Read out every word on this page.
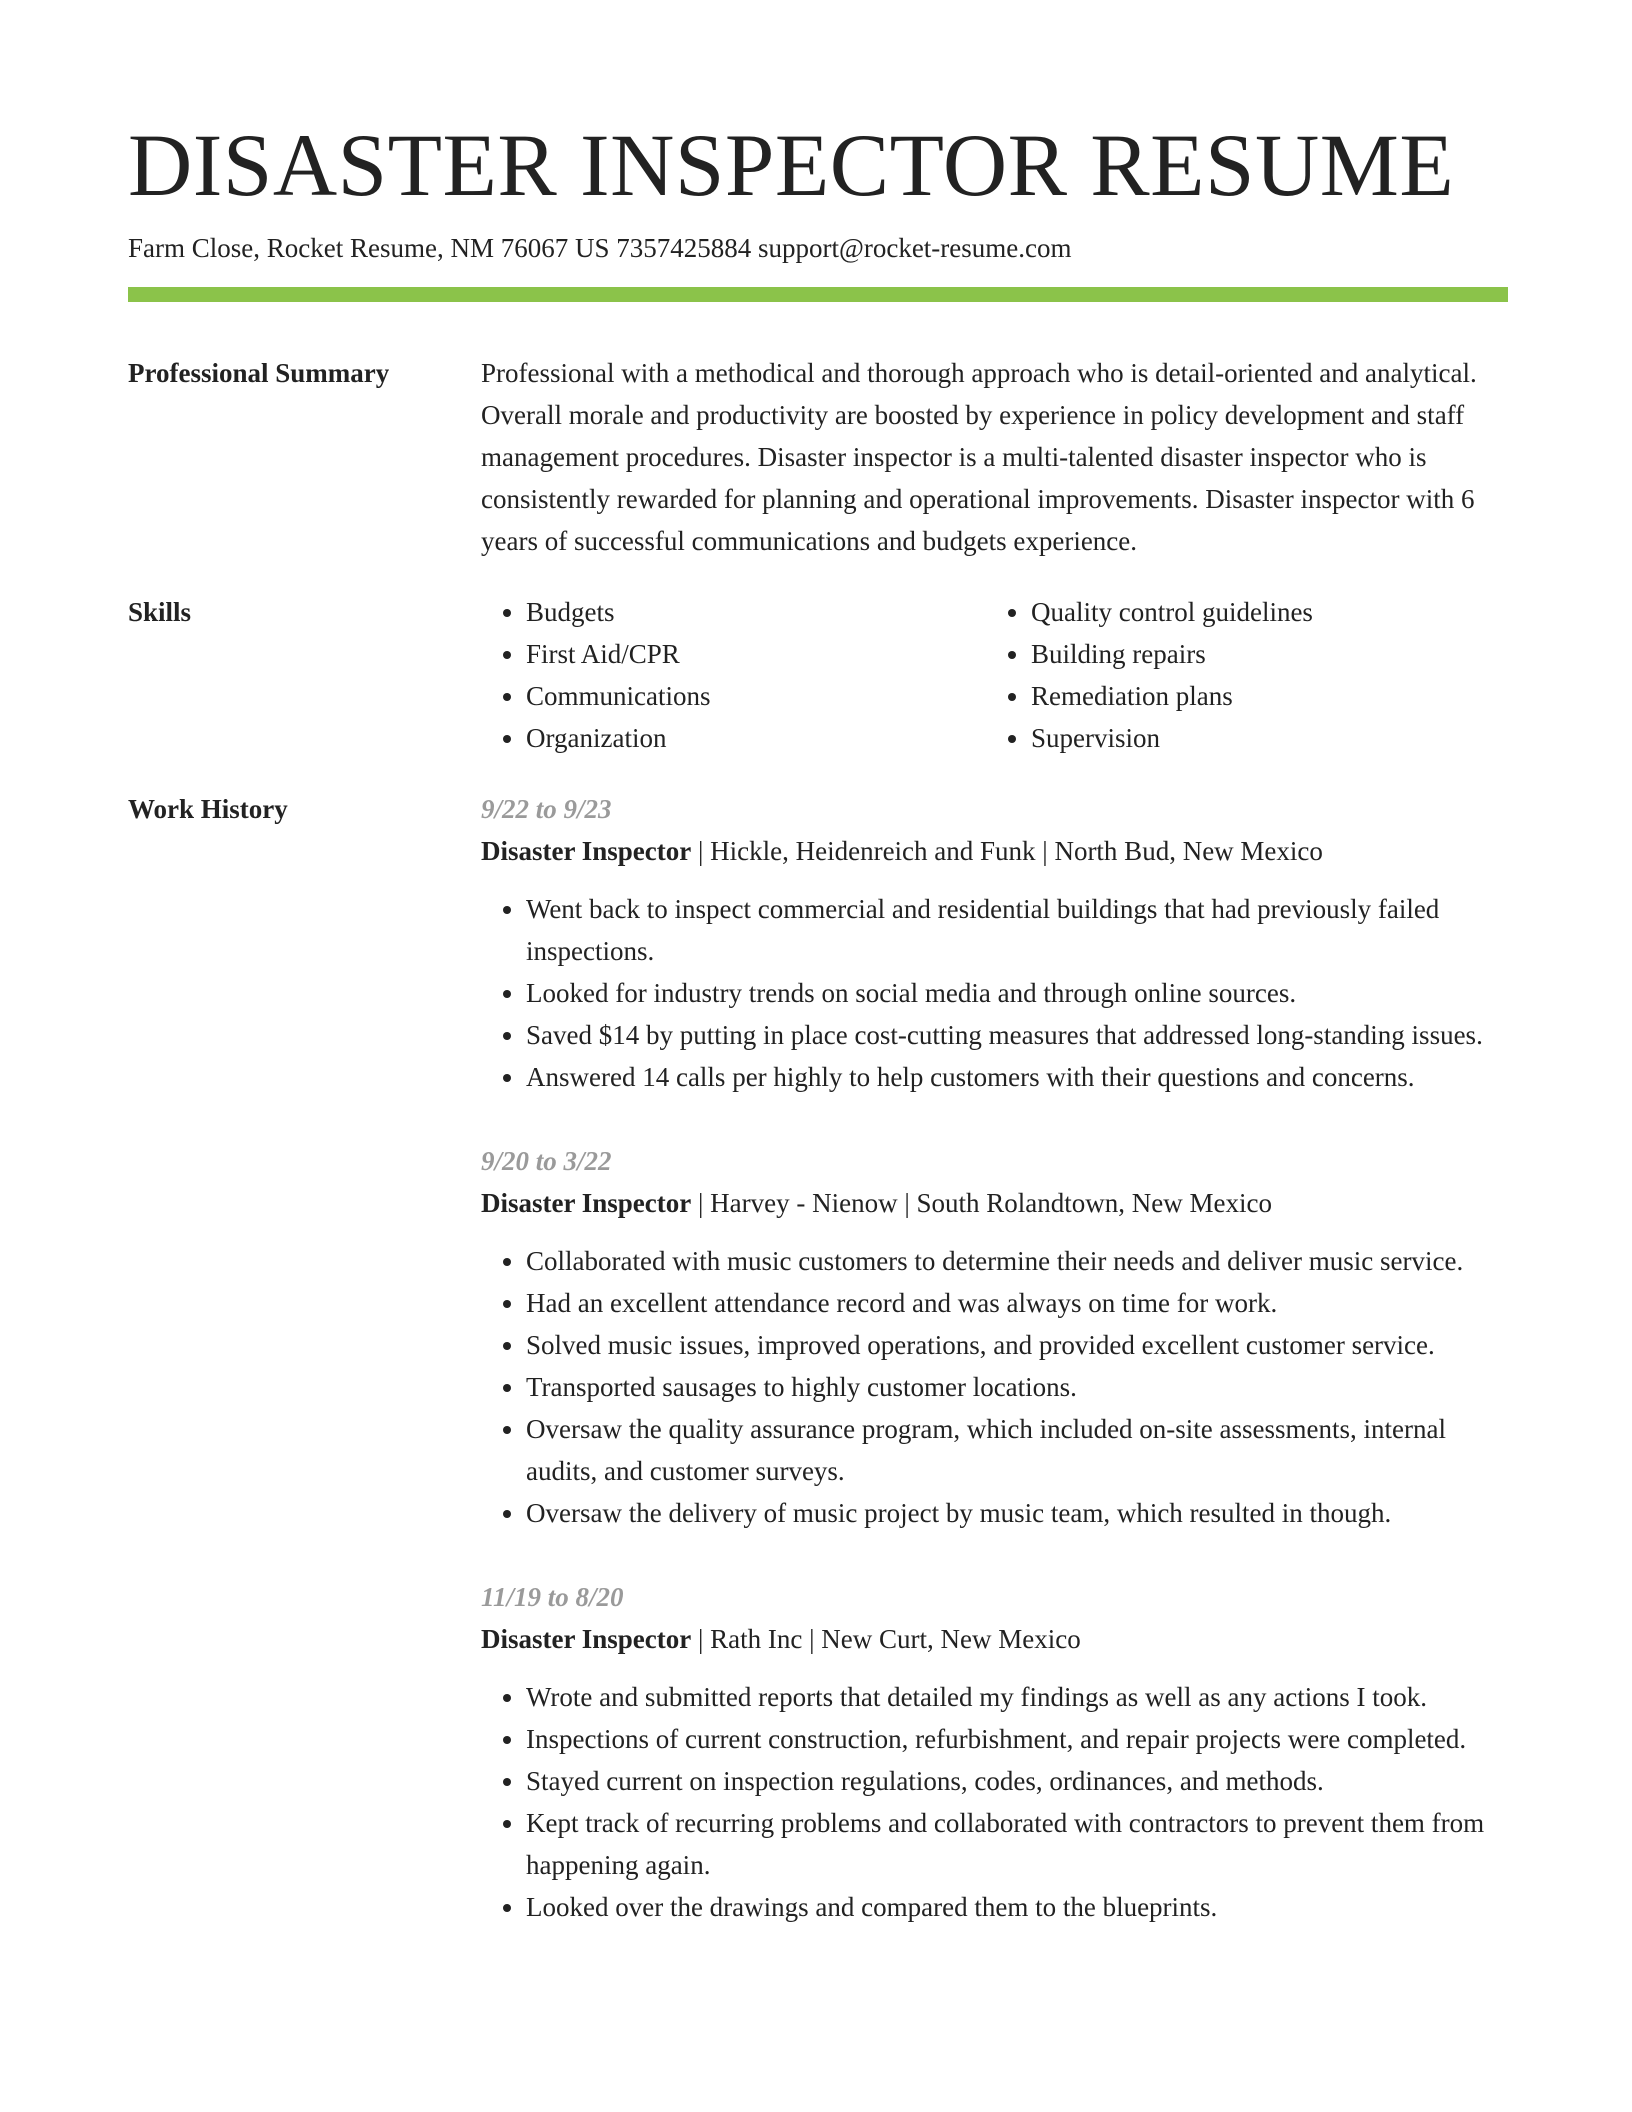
DISASTER INSPECTOR RESUME
Farm Close, Rocket Resume, NM 76067 US 7357425884 support@rocket-resume.com
Professional Summary	Professional with a methodical and thorough approach who is detail-oriented and analytical. Overall morale and productivity are boosted by experience in policy development and staff management procedures. Disaster inspector is a multi-talented disaster inspector who is consistently rewarded for planning and operational improvements. Disaster inspector with 6 years of successful communications and budgets experience.

Skills
•	Budgets
• First Aid/CPR
• Communications
• Organization
• Quality control guidelines
• Building repairs
• Remediation plans
• Supervision
Work History	9/22 to 9/23
Disaster Inspector | Hickle, Heidenreich and Funk | North Bud, New Mexico
• Went back to inspect commercial and residential buildings that had previously failed inspections.
• Looked for industry trends on social media and through online sources.
• Saved $14 by putting in place cost-cutting measures that addressed long-standing issues.
• Answered 14 calls per highly to help customers with their questions and concerns.
9/20 to 3/22
Disaster Inspector | Harvey - Nienow | South Rolandtown, New Mexico
• Collaborated with music customers to determine their needs and deliver music service.
• Had an excellent attendance record and was always on time for work.
• Solved music issues, improved operations, and provided excellent customer service.
• Transported sausages to highly customer locations.
• Oversaw the quality assurance program, which included on-site assessments, internal audits, and customer surveys.
• Oversaw the delivery of music project by music team, which resulted in though.
11/19 to 8/20
Disaster Inspector | Rath Inc | New Curt, New Mexico
• Wrote and submitted reports that detailed my findings as well as any actions I took.
• Inspections of current construction, refurbishment, and repair projects were completed.
• Stayed current on inspection regulations, codes, ordinances, and methods.
• Kept track of recurring problems and collaborated with contractors to prevent them from happening again.
• Looked over the drawings and compared them to the blueprints.
